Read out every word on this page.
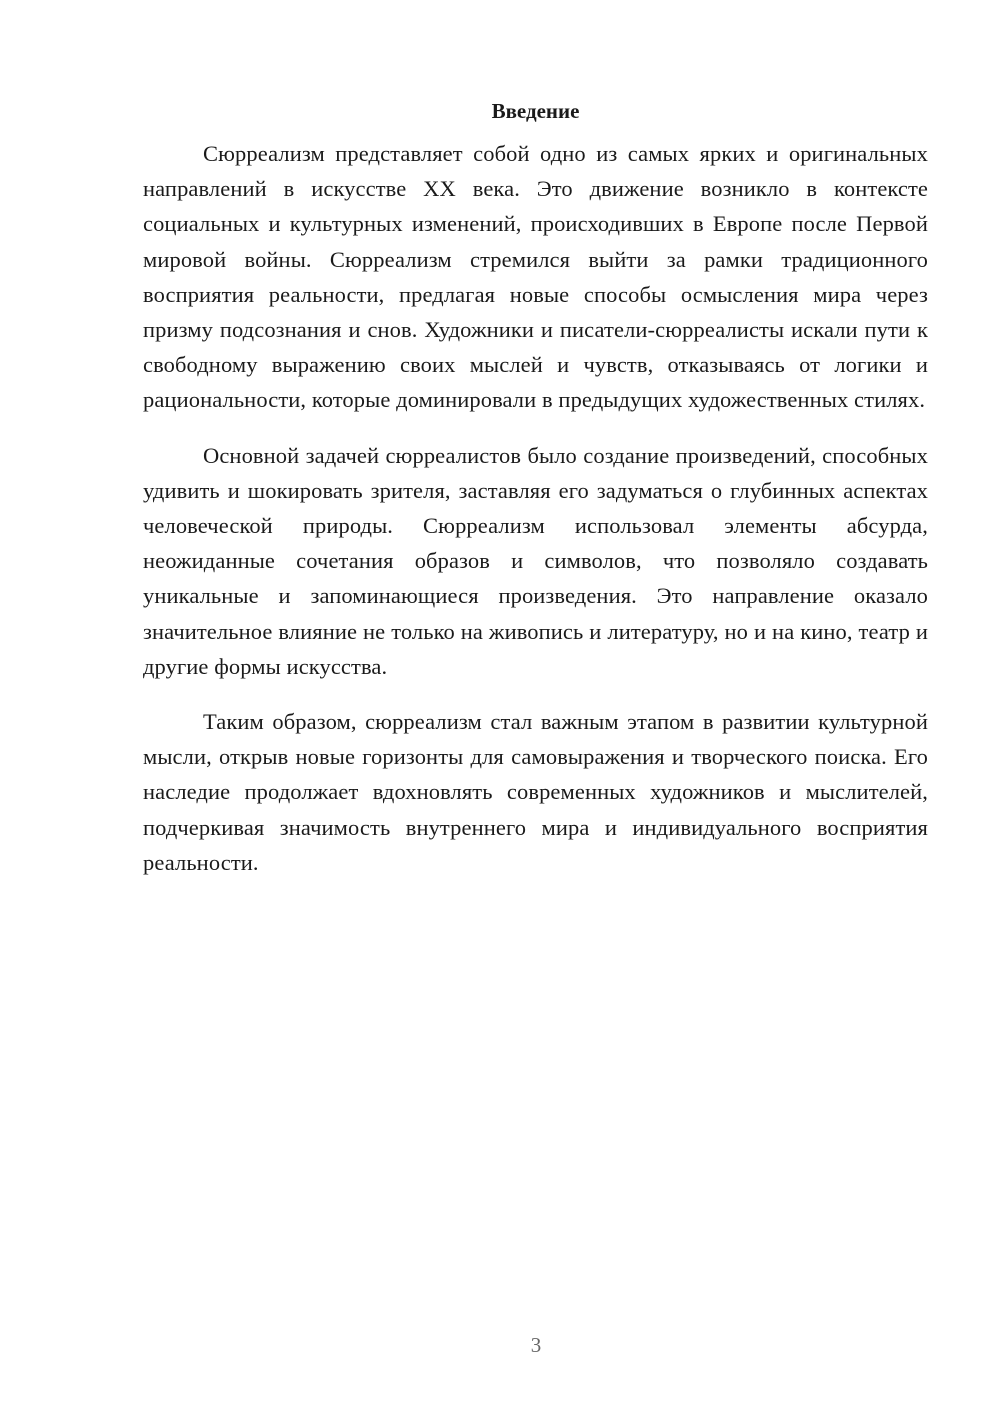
Введение

Сюрреализм представляет собой одно из самых ярких и оригинальных направлений в искусстве XX века. Это движение возникло в контексте социальных и культурных изменений, происходивших в Европе после Первой мировой войны. Сюрреализм стремился выйти за рамки традиционного восприятия реальности, предлагая новые способы осмысления мира через призму подсознания и снов. Художники и писатели-сюрреалисты искали пути к свободному выражению своих мыслей и чувств, отказываясь от логики и рациональности, которые доминировали в предыдущих художественных стилях.

Основной задачей сюрреалистов было создание произведений, способных удивить и шокировать зрителя, заставляя его задуматься о глубинных аспектах человеческой природы. Сюрреализм использовал элементы абсурда, неожиданные сочетания образов и символов, что позволяло создавать уникальные и запоминающиеся произведения. Это направление оказало значительное влияние не только на живопись и литературу, но и на кино, театр и другие формы искусства.

Таким образом, сюрреализм стал важным этапом в развитии культурной мысли, открыв новые горизонты для самовыражения и творческого поиска. Его наследие продолжает вдохновлять современных художников и мыслителей, подчеркивая значимость внутреннего мира и индивидуального восприятия реальности.

3
